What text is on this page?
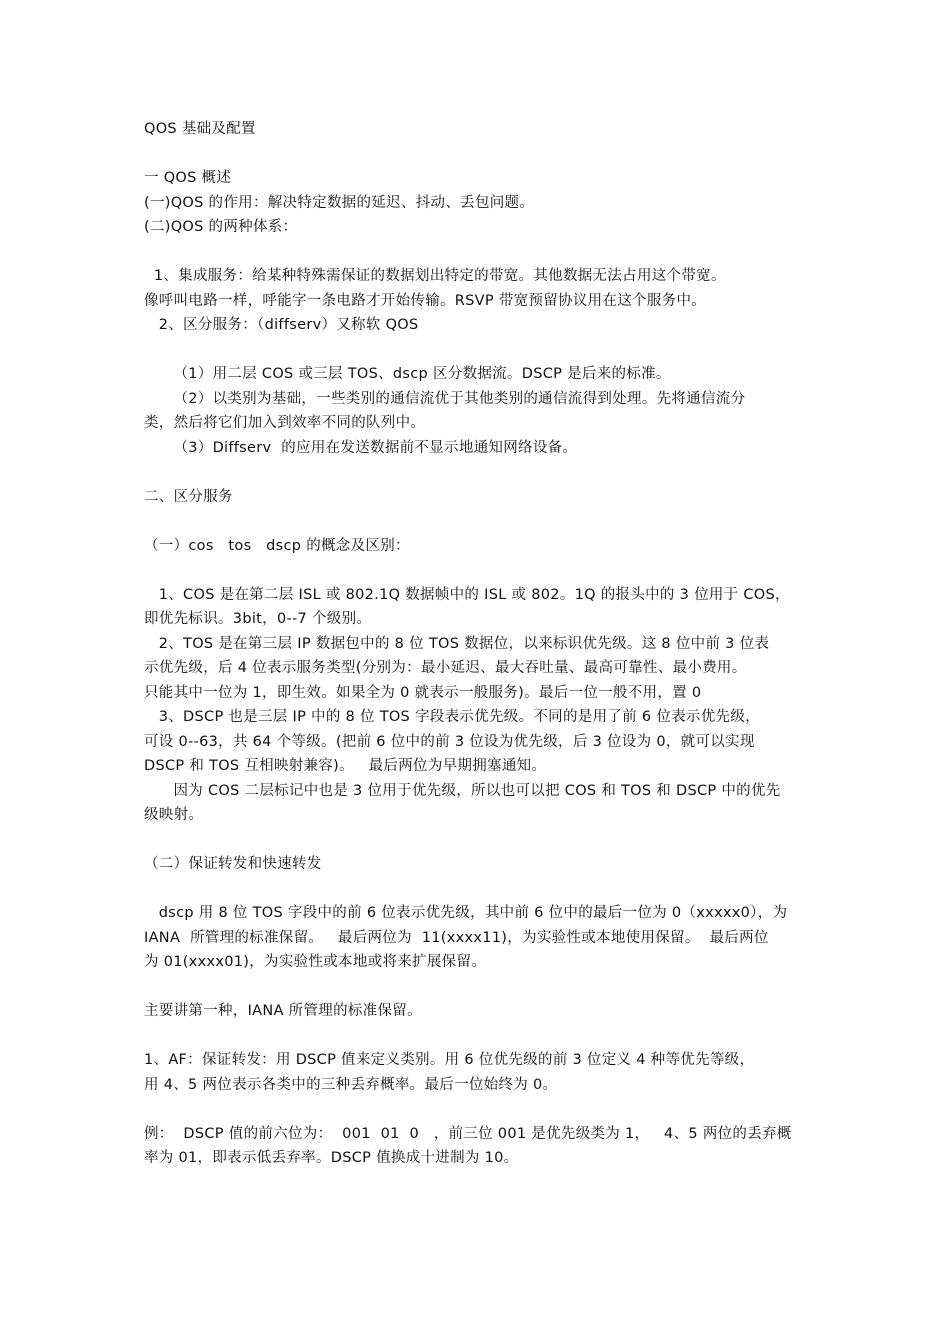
QOS 基础及配置
一 QOS 概述
(一)QOS 的作用：解决特定数据的延迟、抖动、丢包问题。
(二)QOS 的两种体系：
1、集成服务：给某种特殊需保证的数据划出特定的带宽。其他数据无法占用这个带宽。
像呼叫电路一样，呼能字一条电路才开始传输。RSVP 带宽预留协议用在这个服务中。
2、区分服务：（diffserv）又称软 QOS
（1）用二层 COS 或三层 TOS、dscp 区分数据流。DSCP 是后来的标准。
（2）以类别为基础，一些类别的通信流优于其他类别的通信流得到处理。先将通信流分
类，然后将它们加入到效率不同的队列中。
（3）Diffserv  的应用在发送数据前不显示地通知网络设备。
二、区分服务
（一）cos   tos   dscp 的概念及区别：
1、COS 是在第二层 ISL 或 802.1Q 数据帧中的 ISL 或 802。1Q 的报头中的 3 位用于 COS，
即优先标识。3bit，0--7 个级别。
2、TOS 是在第三层 IP 数据包中的 8 位 TOS 数据位，以来标识优先级。这 8 位中前 3 位表
示优先级，后 4 位表示服务类型(分别为：最小延迟、最大吞吐量、最高可靠性、最小费用。
只能其中一位为 1，即生效。如果全为 0 就表示一般服务)。最后一位一般不用，置 0
3、DSCP 也是三层 IP 中的 8 位 TOS 字段表示优先级。不同的是用了前 6 位表示优先级，
可设 0--63，共 64 个等级。(把前 6 位中的前 3 位设为优先级，后 3 位设为 0，就可以实现
DSCP 和 TOS 互相映射兼容)。   最后两位为早期拥塞通知。
因为 COS 二层标记中也是 3 位用于优先级，所以也可以把 COS 和 TOS 和 DSCP 中的优先
级映射。
（二）保证转发和快速转发
dscp 用 8 位 TOS 字段中的前 6 位表示优先级，其中前 6 位中的最后一位为 0（xxxxx0），为
IANA  所管理的标准保留。   最后两位为  11(xxxx11)，为实验性或本地使用保留。  最后两位
为 01(xxxx01)，为实验性或本地或将来扩展保留。
主要讲第一种，IANA 所管理的标准保留。
1、AF：保证转发：用 DSCP 值来定义类别。用 6 位优先级的前 3 位定义 4 种等优先等级，
用 4、5 两位表示各类中的三种丢弃概率。最后一位始终为 0。
例：  DSCP 值的前六位为：  001  01  0   ，前三位 001 是优先级类为 1，   4、5 两位的丢弃概
率为 01，即表示低丢弃率。DSCP 值换成十进制为 10。
